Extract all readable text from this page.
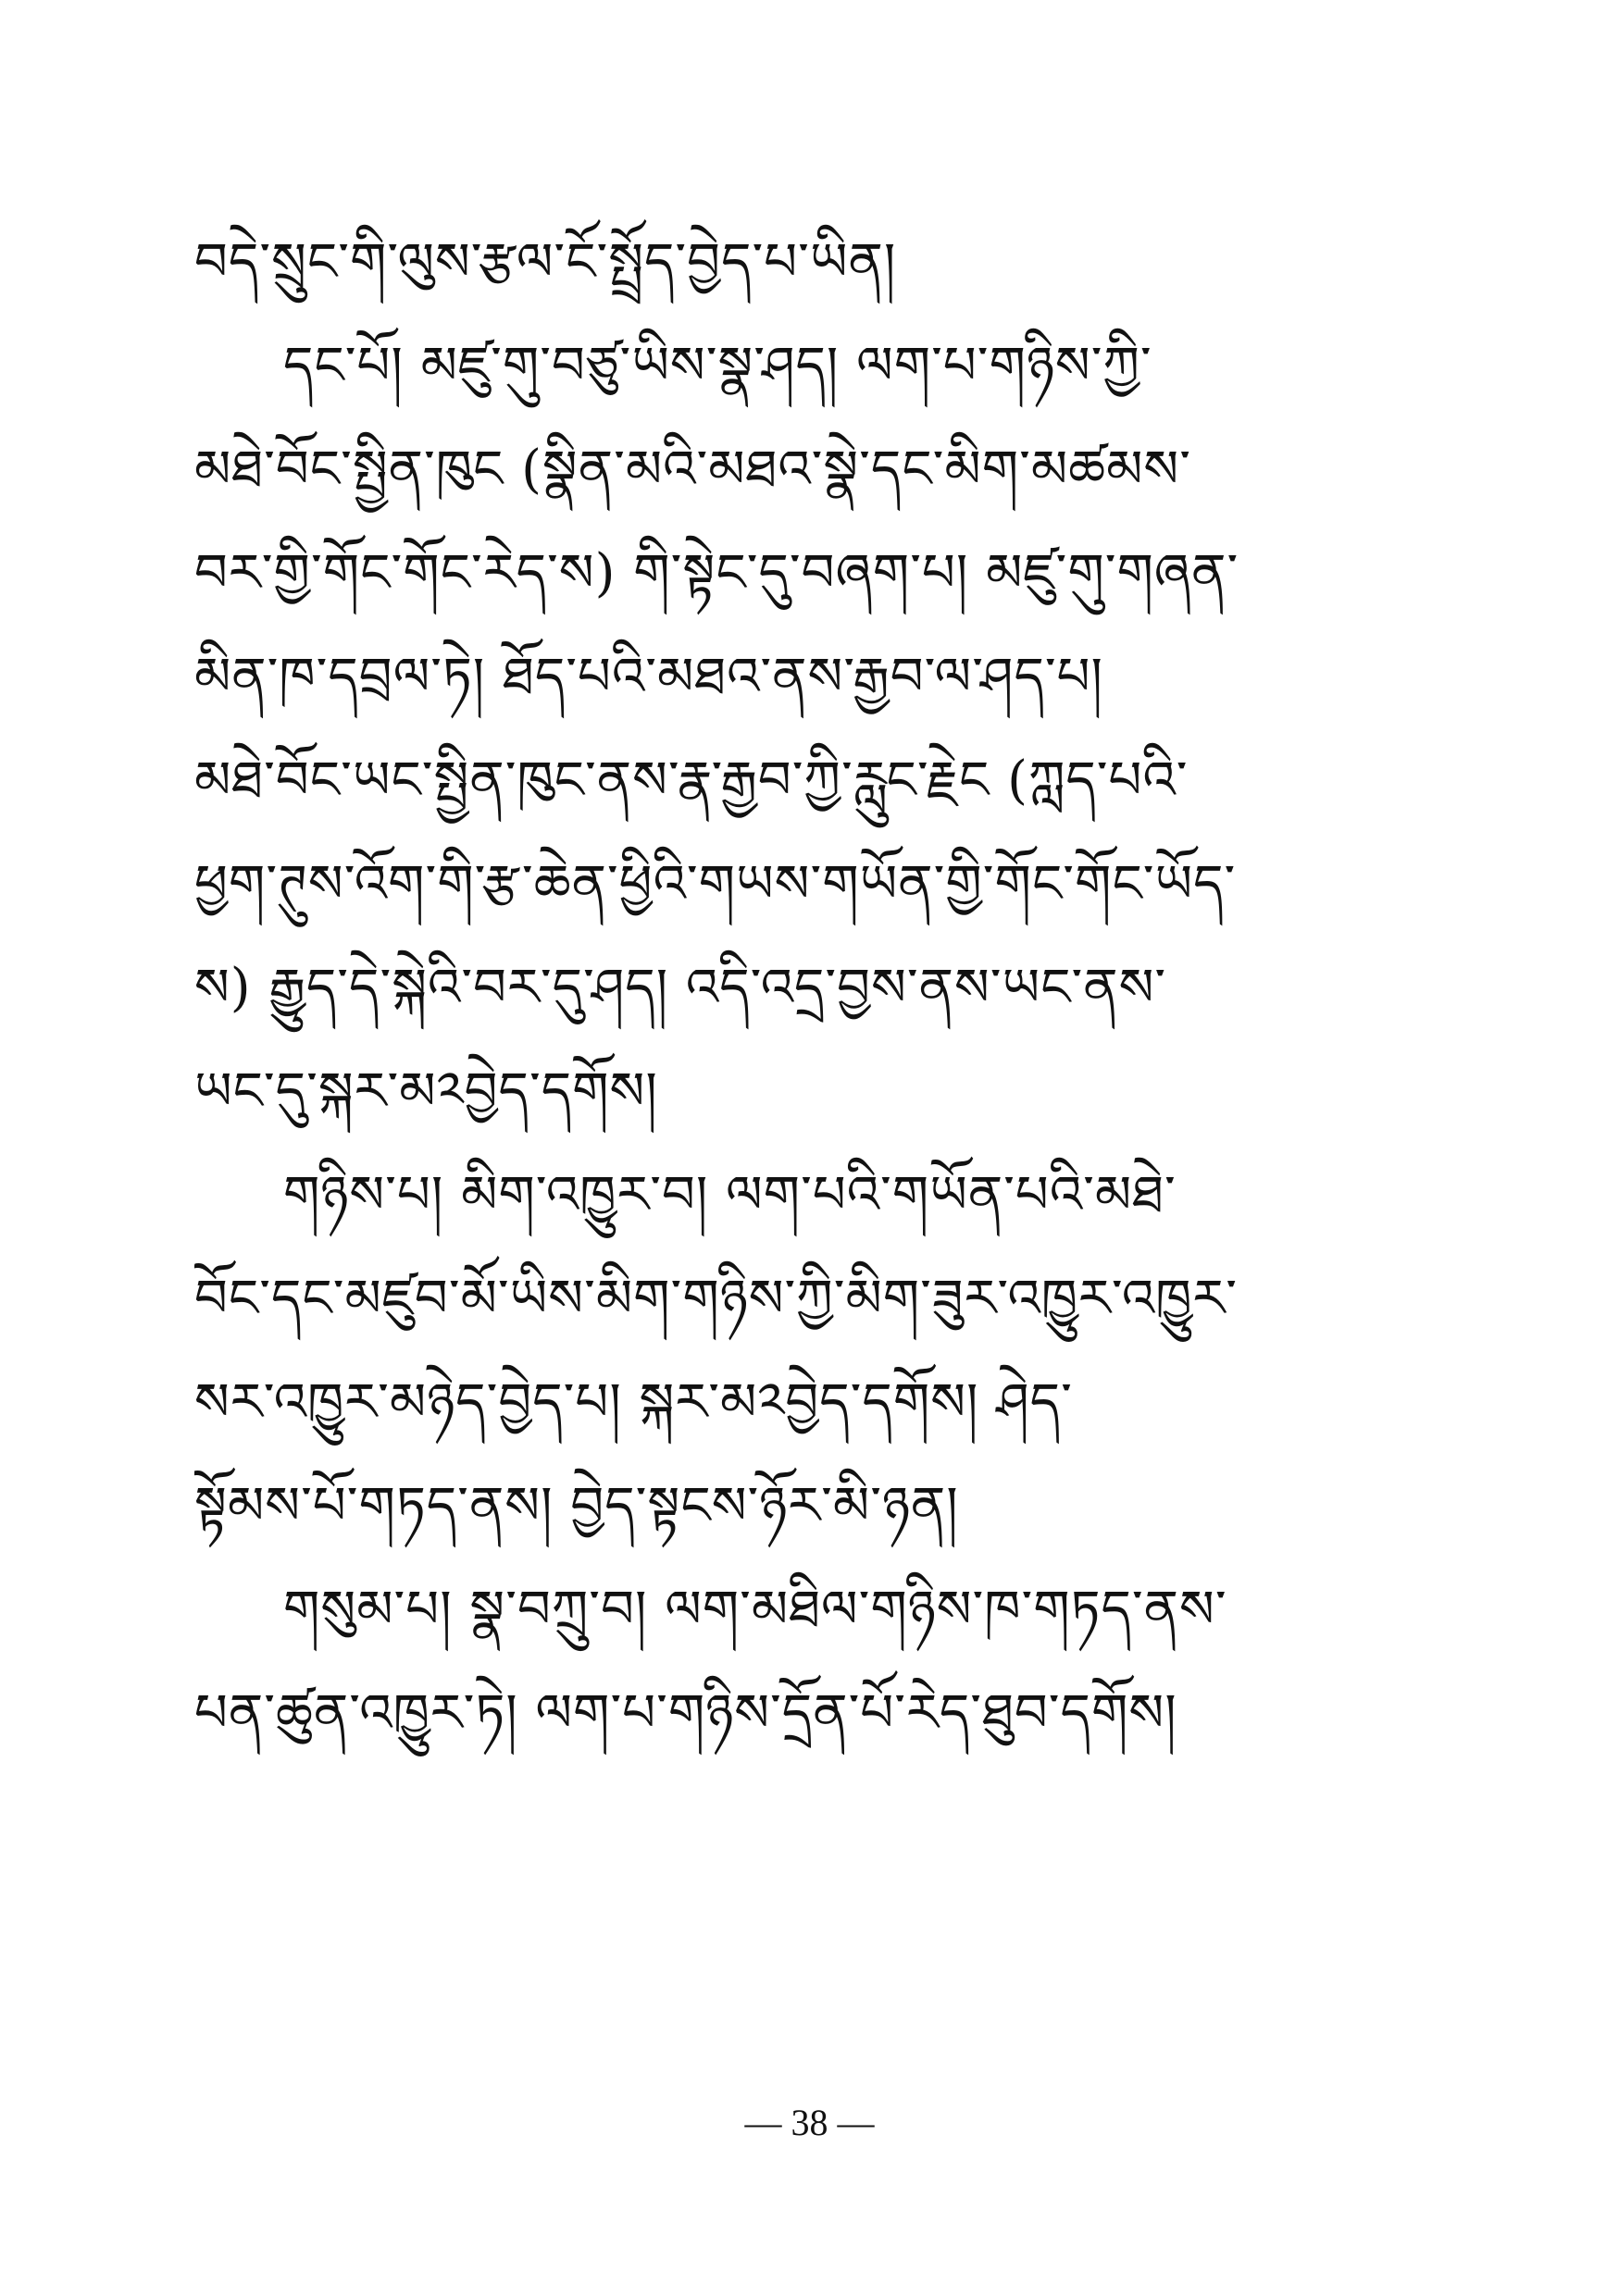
བདེ་སྲུང་གི་ལུས་རྩལ་ངོ་སྤྲོད་བྱེད་པ་ཡིན།
དང་པོ། མཛུ་གུ་བཙུ་ཡིས་སྣ་ཤད། ལག་པ་གཉིས་ཀྱི་
མཐེ་བོང་སྤྱིན་ཁུང (སྣིན་མའི་མཐའ་སྣེ་དང་མིག་མཚམས་
བར་གྱི་གོང་གོང་རེད་ས) གི་སྟེང་དུ་བཞག་པ། མཛུ་གུ་གཞན་
མིན་ཁ་དབྲལ་ཏེ། ཐོད་པའི་མཐའ་ནས་རྒྱབ་ལ་ཤད་པ།
མཐེ་བོང་ཡང་སྤྱིན་ཁུང་ནས་རྣ་རྒྱབ་ཀྱི་རླུང་རྗེང (ཀླད་པའི་
ཕྱག་ཊུས་འོག་གི་རྩ་ཆེན་ཕྱིའི་གཡས་གཡོན་གྱི་གོང་གོང་ཡོད་
ས) རྒྱུད་དེ་སྐེའི་བར་དུ་ཤད། འདི་འདྲ་བྱས་ནས་ཡང་ནས་
ཡང་དུ་སྐར་མ༢བྱེད་དགོས།
གཉིས་པ། མིག་འཁྱུར་བ། ལག་པའི་གཡོན་པའི་མཐེ་
བོང་དང་མཛུབ་མོ་ཡིས་མིག་གཉིས་ཀྱི་མིག་ཟུར་འཁྱུར་འཁྱུར་
སར་འཁྱུར་མཉེད་བྱེད་པ། སྐར་མ༢བྱེད་དགོས། ཤེད་
སྟོམས་པོ་གཏད་ནས། བྱེད་སྟངས་ཉོར་མི་ཉན།
གསུམ་པ། སྣ་བཀྲུ་བ། ལག་མཐིལ་གཉིས་ཁ་གཏད་ནས་
པན་ཚུན་འཁྱུར་ཏེ། ལག་པ་གཉིས་དྲོན་པོ་རེད་ཐུབ་དགོས།
— 38 —
